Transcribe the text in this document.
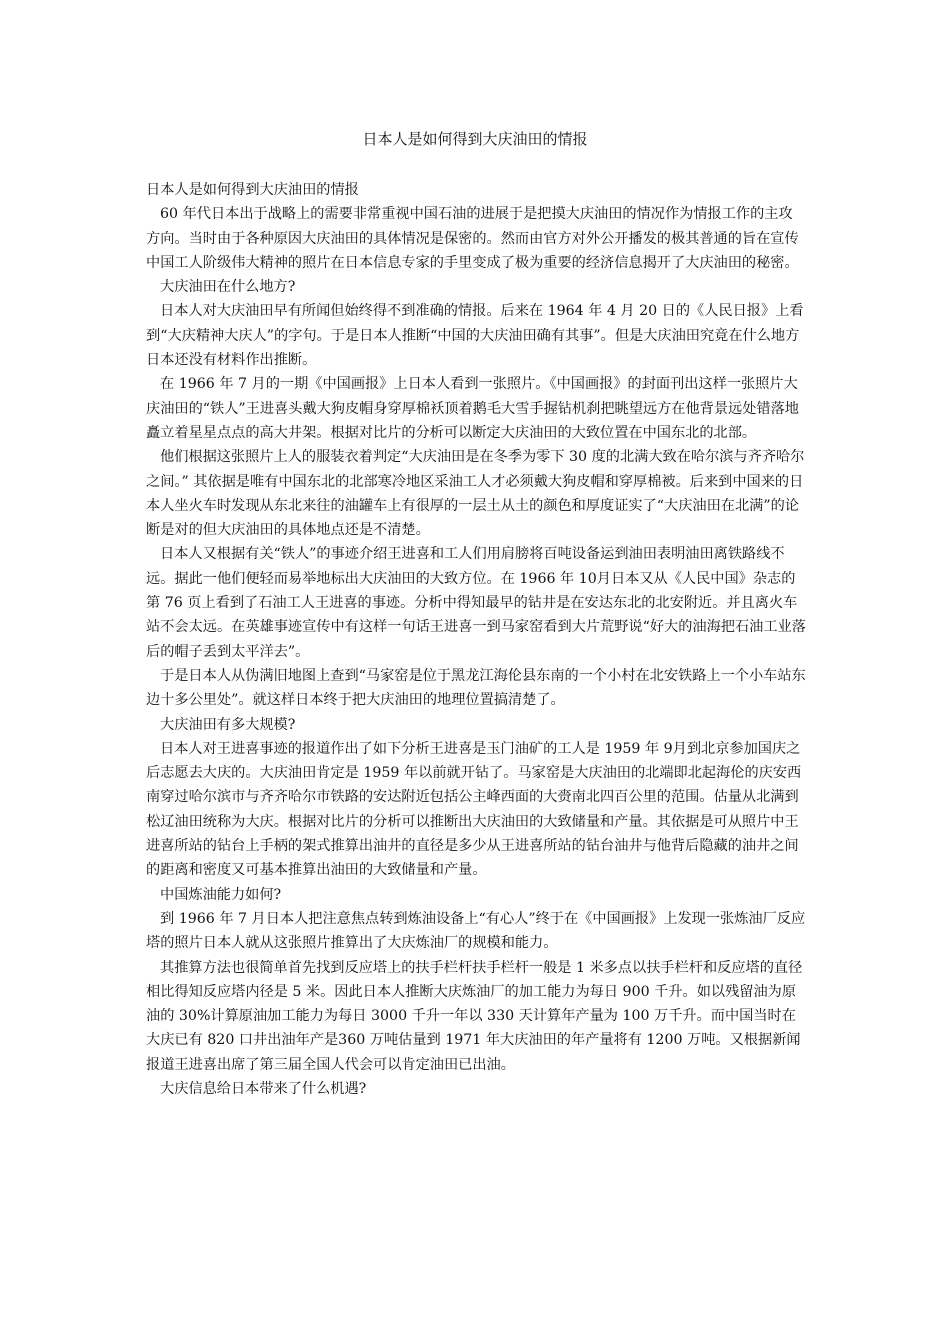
日本人是如何得到大庆油田的情报

日本人是如何得到大庆油田的情报

60 年代日本出于战略上的需要非常重视中国石油的进展于是把摸大庆油田的情况作为情报工作的主攻方向。当时由于各种原因大庆油田的具体情况是保密的。然而由官方对外公开播发的极其普通的旨在宣传中国工人阶级伟大精神的照片在日本信息专家的手里变成了极为重要的经济信息揭开了大庆油田的秘密。

大庆油田在什么地方?

日本人对大庆油田早有所闻但始终得不到准确的情报。后来在 1964 年 4 月 20 日的《人民日报》上看到“大庆精神大庆人”的字句。于是日本人推断“中国的大庆油田确有其事”。但是大庆油田究竟在什么地方日本还没有材料作出推断。

在 1966 年 7 月的一期《中国画报》上日本人看到一张照片。《中国画报》的封面刊出这样一张照片大庆油田的“铁人”王进喜头戴大狗皮帽身穿厚棉袄顶着鹅毛大雪手握钻机刹把眺望远方在他背景远处错落地矗立着星星点点的高大井架。根据对比片的分析可以断定大庆油田的大致位置在中国东北的北部。

他们根据这张照片上人的服装衣着判定“大庆油田是在冬季为零下 30 度的北满大致在哈尔滨与齐齐哈尔之间。” 其依据是唯有中国东北的北部寒冷地区采油工人才必须戴大狗皮帽和穿厚棉被。后来到中国来的日本人坐火车时发现从东北来往的油罐车上有很厚的一层土从土的颜色和厚度证实了“大庆油田在北满”的论断是对的但大庆油田的具体地点还是不清楚。

日本人又根据有关“铁人”的事迹介绍王进喜和工人们用肩膀将百吨设备运到油田表明油田离铁路线不远。据此一他们便轻而易举地标出大庆油田的大致方位。在 1966 年 10月日本又从《人民中国》杂志的第 76 页上看到了石油工人王进喜的事迹。分析中得知最早的钻井是在安达东北的北安附近。并且离火车站不会太远。在英雄事迹宣传中有这样一句话王进喜一到马家窑看到大片荒野说“好大的油海把石油工业落后的帽子丢到太平洋去”。

于是日本人从伪满旧地图上查到“马家窑是位于黑龙江海伦县东南的一个小村在北安铁路上一个小车站东边十多公里处”。就这样日本终于把大庆油田的地理位置搞清楚了。

大庆油田有多大规模?

日本人对王进喜事迹的报道作出了如下分析王进喜是玉门油矿的工人是 1959 年 9月到北京参加国庆之后志愿去大庆的。大庆油田肯定是 1959 年以前就开钻了。马家窑是大庆油田的北端即北起海伦的庆安西南穿过哈尔滨市与齐齐哈尔市铁路的安达附近包括公主峰西面的大赍南北四百公里的范围。估量从北满到松辽油田统称为大庆。根据对比片的分析可以推断出大庆油田的大致储量和产量。其依据是可从照片中王进喜所站的钻台上手柄的架式推算出油井的直径是多少从王进喜所站的钻台油井与他背后隐藏的油井之间的距离和密度又可基本推算出油田的大致储量和产量。

中国炼油能力如何?

到 1966 年 7 月日本人把注意焦点转到炼油设备上“有心人”终于在《中国画报》上发现一张炼油厂反应塔的照片日本人就从这张照片推算出了大庆炼油厂的规模和能力。

其推算方法也很简单首先找到反应塔上的扶手栏杆扶手栏杆一般是 1 米多点以扶手栏杆和反应塔的直径相比得知反应塔内径是 5 米。因此日本人推断大庆炼油厂的加工能力为每日 900 千升。如以残留油为原油的 30%计算原油加工能力为每日 3000 千升一年以 330 天计算年产量为 100 万千升。而中国当时在大庆已有 820 口井出油年产是360 万吨估量到 1971 年大庆油田的年产量将有 1200 万吨。又根据新闻报道王进喜出席了第三届全国人代会可以肯定油田已出油。

大庆信息给日本带来了什么机遇?
